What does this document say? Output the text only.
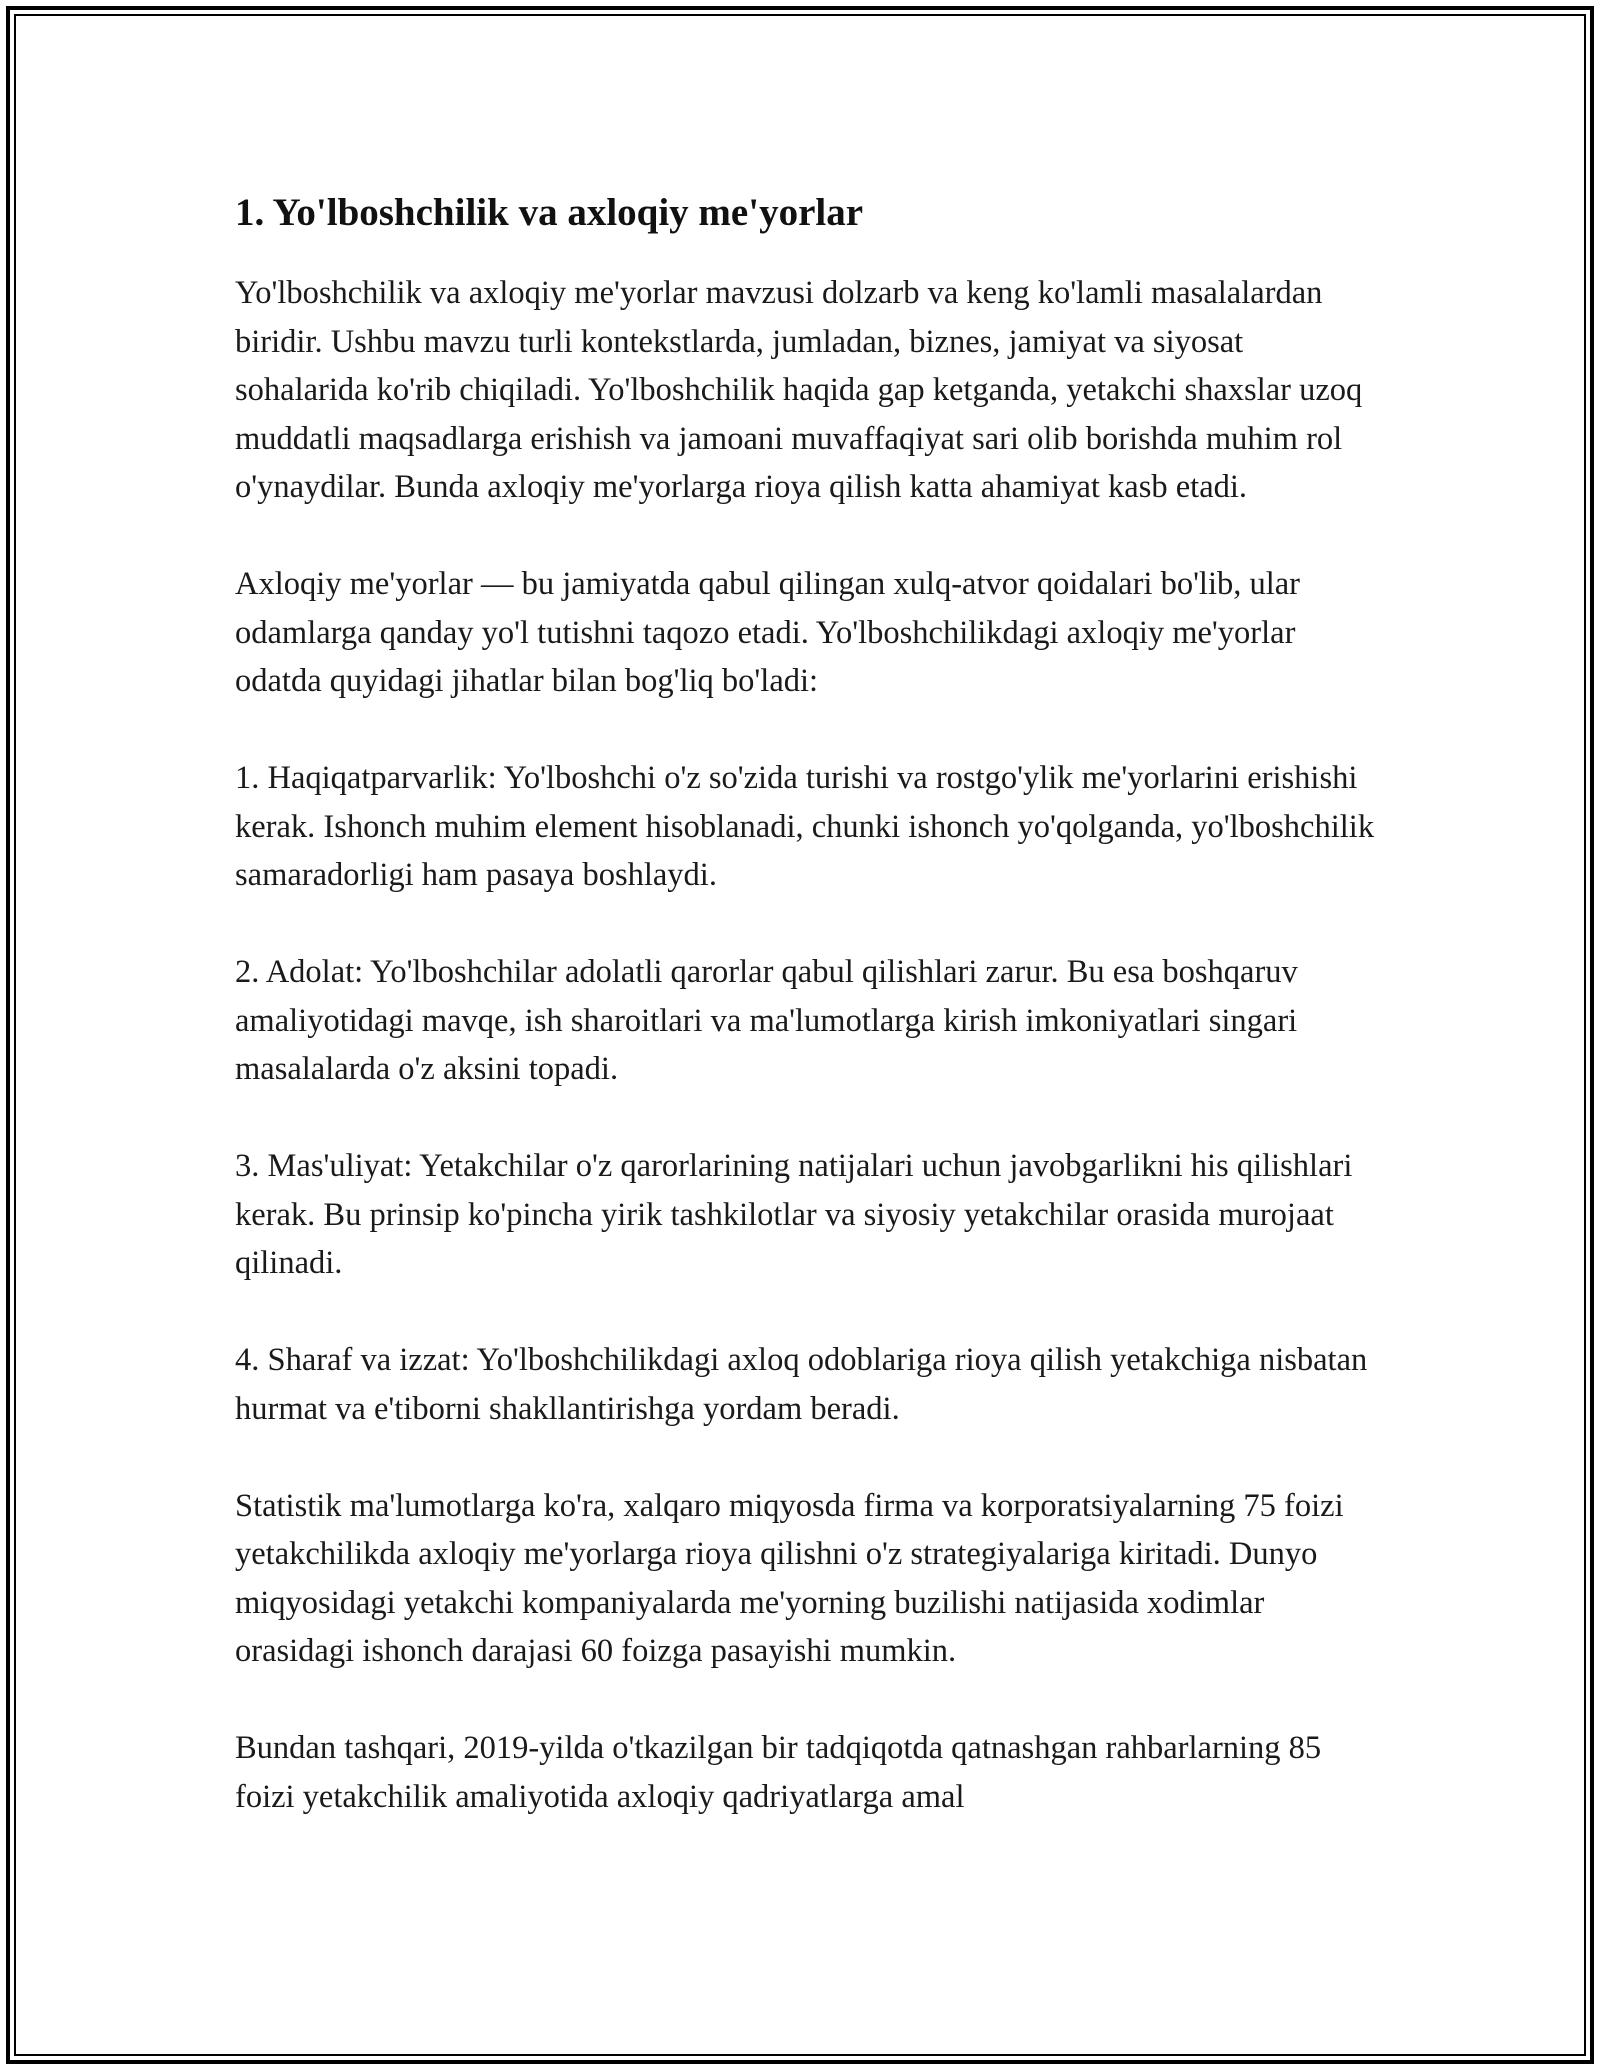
1. Yo'lboshchilik va axloqiy me'yorlar

Yo'lboshchilik va axloqiy me'yorlar mavzusi dolzarb va keng ko'lamli masalalardan biridir. Ushbu mavzu turli kontekstlarda, jumladan, biznes, jamiyat va siyosat sohalarida ko'rib chiqiladi. Yo'lboshchilik haqida gap ketganda, yetakchi shaxslar uzoq muddatli maqsadlarga erishish va jamoani muvaffaqiyat sari olib borishda muhim rol o'ynaydilar. Bunda axloqiy me'yorlarga rioya qilish katta ahamiyat kasb etadi.

Axloqiy me'yorlar — bu jamiyatda qabul qilingan xulq-atvor qoidalari bo'lib, ular odamlarga qanday yo'l tutishni taqozo etadi. Yo'lboshchilikdagi axloqiy me'yorlar odatda quyidagi jihatlar bilan bog'liq bo'ladi:

1. Haqiqatparvarlik: Yo'lboshchi o'z so'zida turishi va rostgo'ylik me'yorlarini erishishi kerak. Ishonch muhim element hisoblanadi, chunki ishonch yo'qolganda, yo'lboshchilik samaradorligi ham pasaya boshlaydi.

2. Adolat: Yo'lboshchilar adolatli qarorlar qabul qilishlari zarur. Bu esa boshqaruv amaliyotidagi mavqe, ish sharoitlari va ma'lumotlarga kirish imkoniyatlari singari masalalarda o'z aksini topadi.

3. Mas'uliyat: Yetakchilar o'z qarorlarining natijalari uchun javobgarlikni his qilishlari kerak. Bu prinsip ko'pincha yirik tashkilotlar va siyosiy yetakchilar orasida murojaat qilinadi.

4. Sharaf va izzat: Yo'lboshchilikdagi axloq odoblariga rioya qilish yetakchiga nisbatan hurmat va e'tiborni shakllantirishga yordam beradi.

Statistik ma'lumotlarga ko'ra, xalqaro miqyosda firma va korporatsiyalarning 75 foizi yetakchilikda axloqiy me'yorlarga rioya qilishni o'z strategiyalariga kiritadi. Dunyo miqyosidagi yetakchi kompaniyalarda me'yorning buzilishi natijasida xodimlar orasidagi ishonch darajasi 60 foizga pasayishi mumkin.

Bundan tashqari, 2019-yilda o'tkazilgan bir tadqiqotda qatnashgan rahbarlarning 85 foizi yetakchilik amaliyotida axloqiy qadriyatlarga amal
